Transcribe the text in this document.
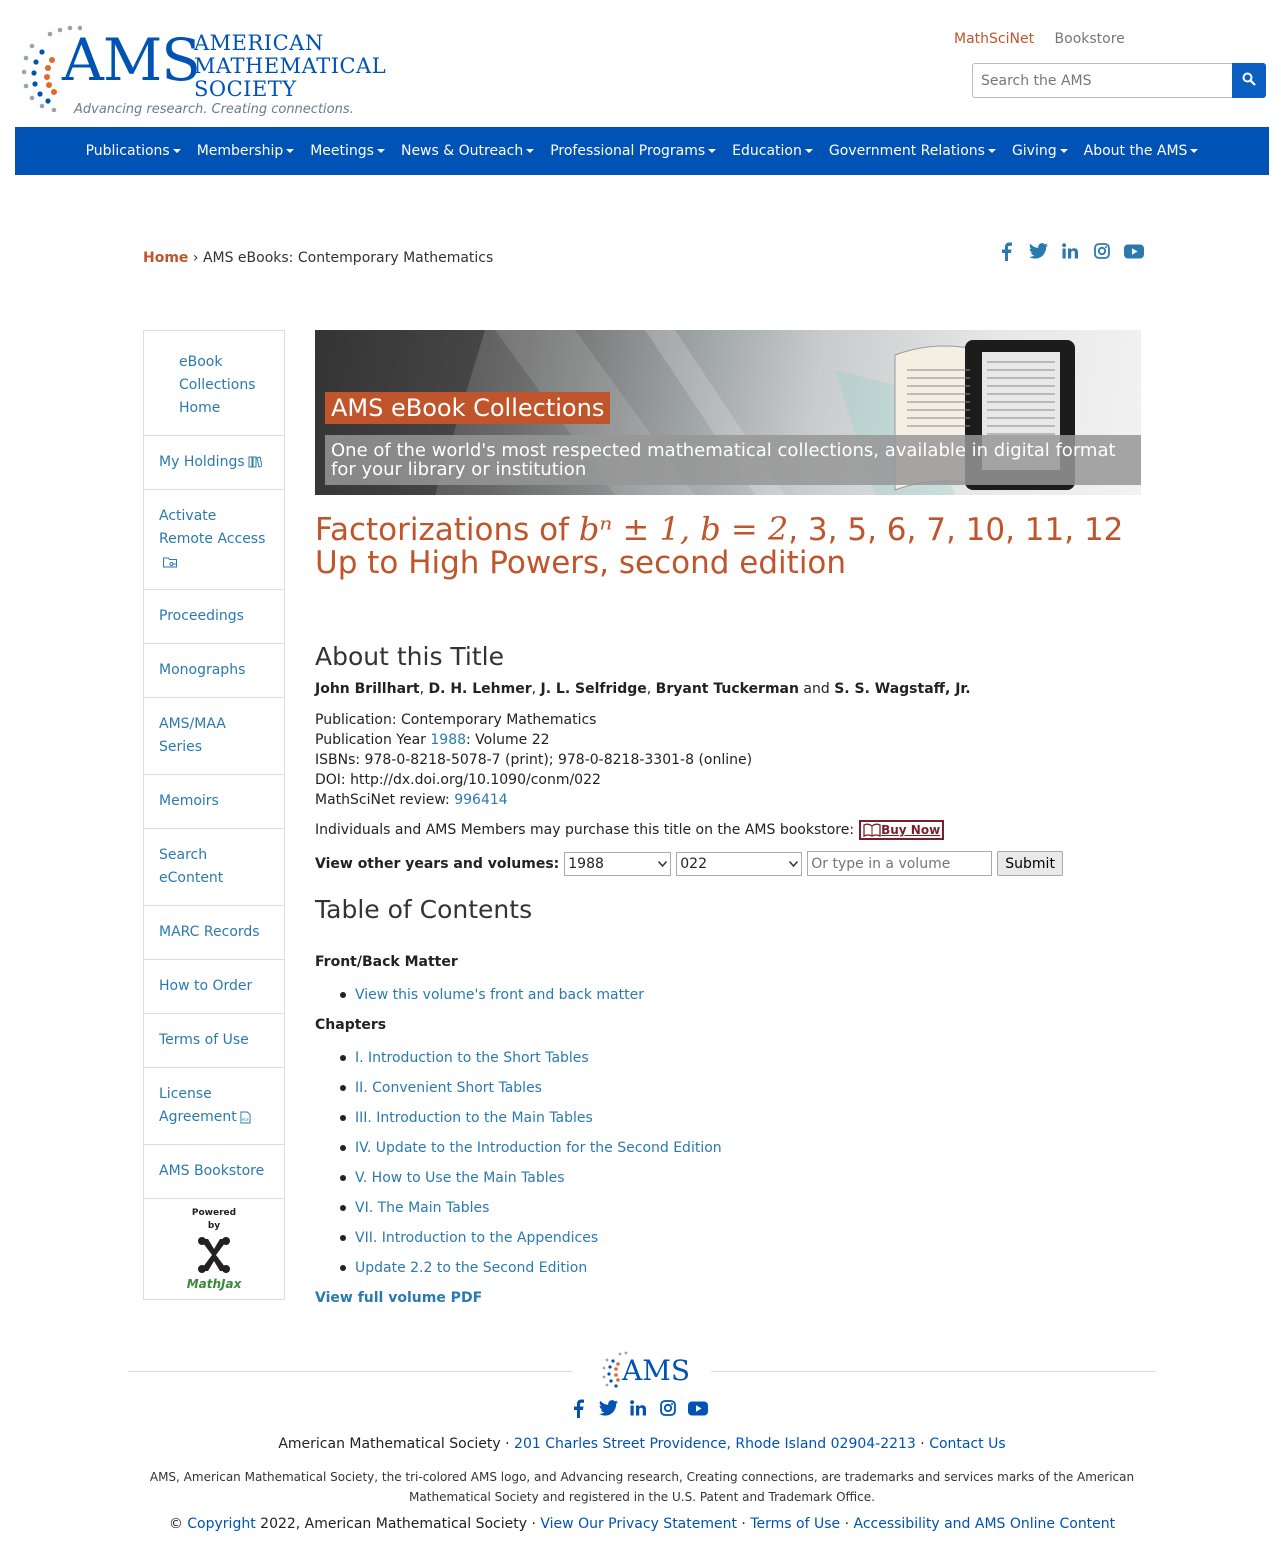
AMS
AMERICAN
MATHEMATICAL
SOCIETY
Advancing research. Creating connections.
MathSciNet Bookstore
Search the AMS
Publications Membership Meetings News & Outreach Professional Programs Education Government Relations Giving About the AMS
Home › AMS eBooks: Contemporary Mathematics
eBook Collections Home
My Holdings
Activate Remote Access
Proceedings
Monographs
AMS/MAA Series
Memoirs
Search eContent
MARC Records
How to Order
Terms of Use
License Agreement PDF
AMS Bookstore
Powered
by
MathJax
AMS eBook Collections
One of the world's most respected mathematical collections, available in digital format for your library or institution
Factorizations of bⁿ ± 1, b = 2, 3, 5, 6, 7, 10, 11, 12 Up to High Powers, second edition
About this Title
John Brillhart, D. H. Lehmer, J. L. Selfridge, Bryant Tuckerman and S. S. Wagstaff, Jr.
Publication: Contemporary Mathematics
Publication Year 1988: Volume 22
ISBNs: 978-0-8218-5078-7 (print); 978-0-8218-3301-8 (online)
DOI: http://dx.doi.org/10.1090/conm/022
MathSciNet review: 996414
Individuals and AMS Members may purchase this title on the AMS bookstore: Buy Now
View other years and volumes: 1988	022
Or type in a volume	Submit
Table of Contents
Front/Back Matter
View this volume's front and back matter
Chapters
I. Introduction to the Short Tables
II. Convenient Short Tables
III. Introduction to the Main Tables
IV. Update to the Introduction for the Second Edition
V. How to Use the Main Tables
VI. The Main Tables
VII. Introduction to the Appendices
Update 2.2 to the Second Edition
View full volume PDF
AMS
American Mathematical Society · 201 Charles Street Providence, Rhode Island 02904-2213 · Contact Us
AMS, American Mathematical Society, the tri-colored AMS logo, and Advancing research, Creating connections, are trademarks and services marks of the American Mathematical Society and registered in the U.S. Patent and Trademark Office.
© Copyright 2022, American Mathematical Society · View Our Privacy Statement · Terms of Use · Accessibility and AMS Online Content
